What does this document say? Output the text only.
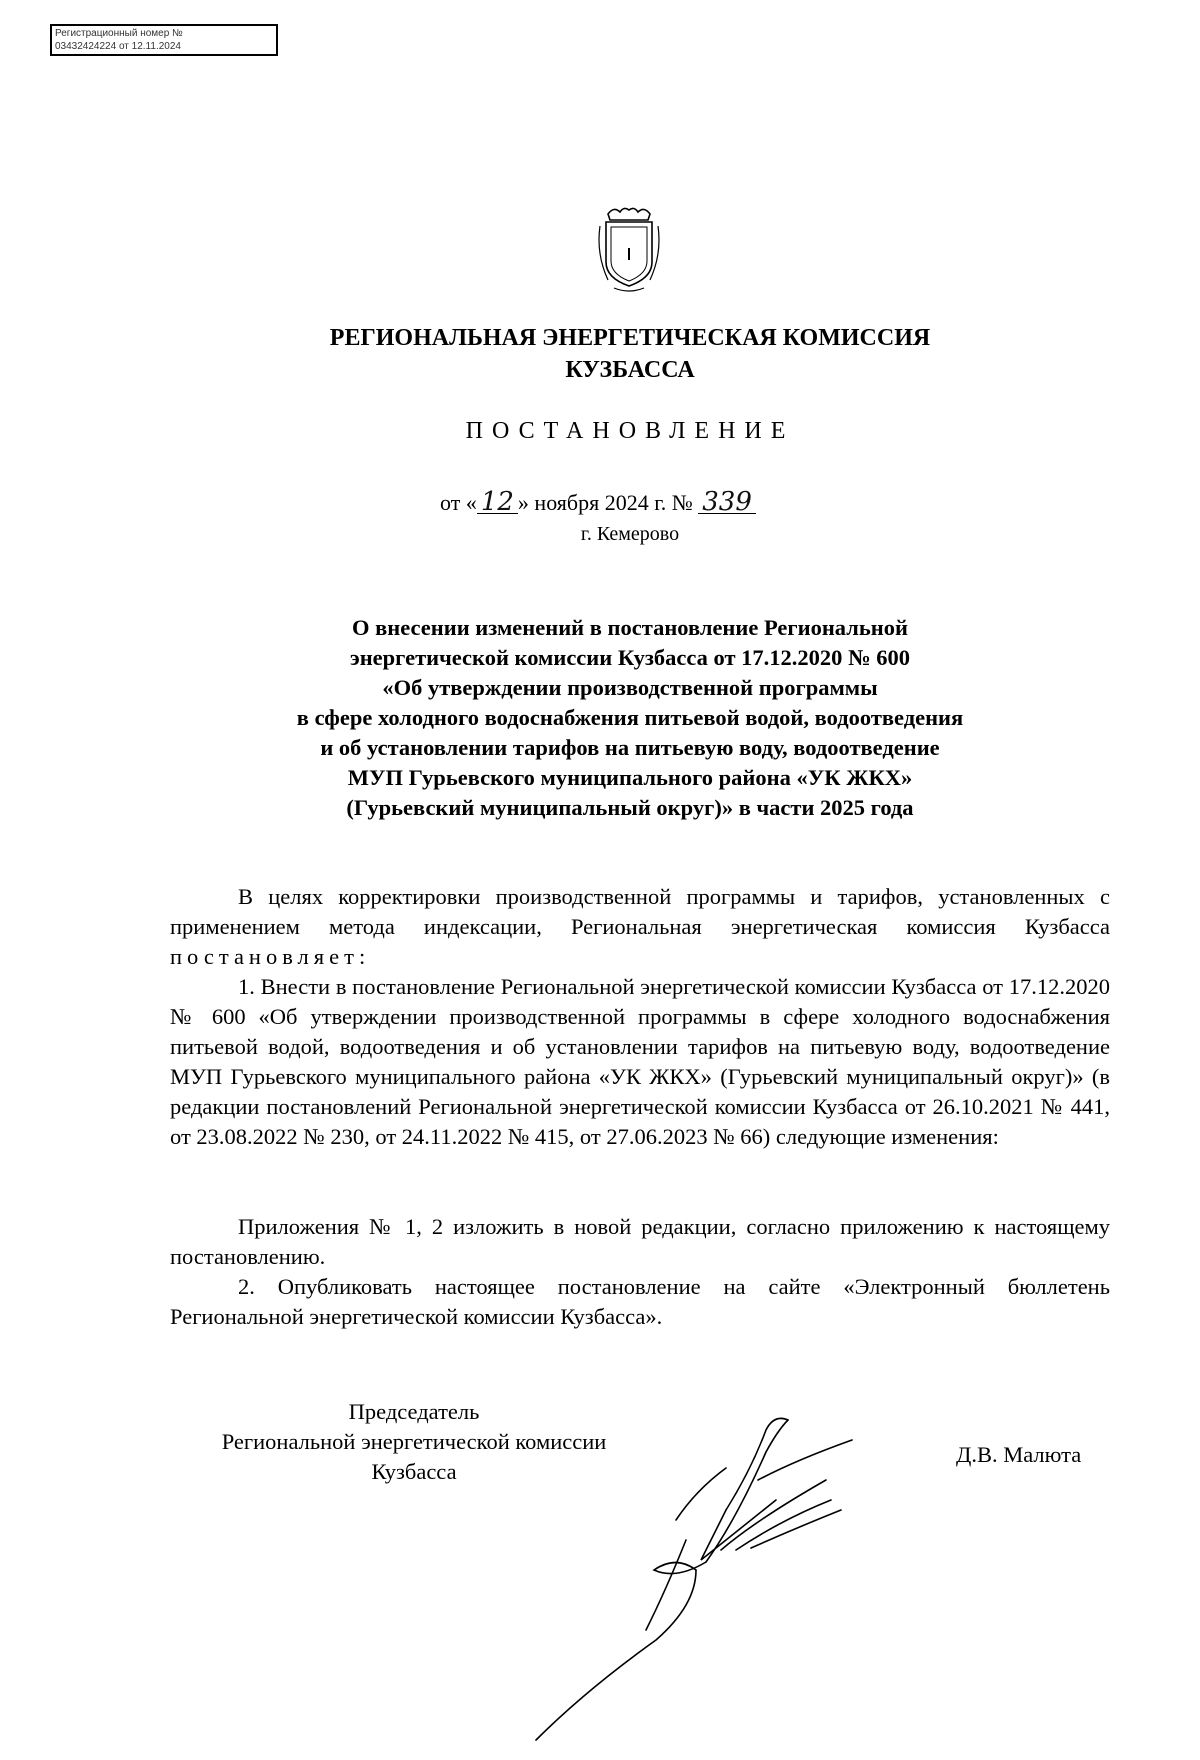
Регистрационный номер №
03432424224 от 12.11.2024
РЕГИОНАЛЬНАЯ ЭНЕРГЕТИЧЕСКАЯ КОМИССИЯ
КУЗБАССА
ПОСТАНОВЛЕНИЕ
от « 12 » ноября 2024 г. № 339
г. Кемерово
О внесении изменений в постановление Региональной
энергетической комиссии Кузбасса от 17.12.2020 № 600
«Об утверждении производственной программы
в сфере холодного водоснабжения питьевой водой, водоотведения
и об установлении тарифов на питьевую воду, водоотведение
МУП Гурьевского муниципального района «УК ЖКХ»
(Гурьевский муниципальный округ)» в части 2025 года
В целях корректировки производственной программы и тарифов, установленных с применением метода индексации, Региональная энергетическая комиссия Кузбасса постановляет:
1. Внести в постановление Региональной энергетической комиссии Кузбасса от 17.12.2020 № 600 «Об утверждении производственной программы в сфере холодного водоснабжения питьевой водой, водоотведения и об установлении тарифов на питьевую воду, водоотведение МУП Гурьевского муниципального района «УК ЖКХ» (Гурьевский муниципальный округ)» (в редакции постановлений Региональной энергетической комиссии Кузбасса от 26.10.2021 № 441, от 23.08.2022 № 230, от 24.11.2022 № 415, от 27.06.2023 № 66) следующие изменения:
Приложения № 1, 2 изложить в новой редакции, согласно приложению к настоящему постановлению.
2. Опубликовать настоящее постановление на сайте «Электронный бюллетень Региональной энергетической комиссии Кузбасса».
Председатель
Региональной энергетической комиссии
Кузбасса
Д.В. Малюта
